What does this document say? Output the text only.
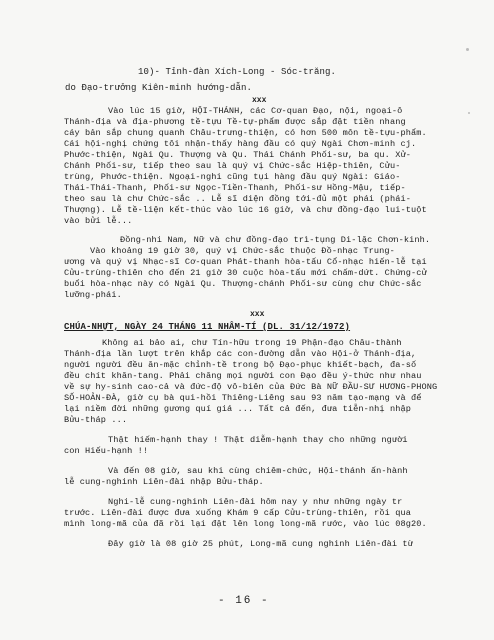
10)- Tỉnh-đàn Xích-Long - Sóc-trăng.
do Đạo-trưởng Kiên-minh hướng-dẫn.
xxx
Vào lúc 15 giờ, HỘI-THÁNH, các Cơ-quan Đạo, nội, ngoại-ô
Thánh-địa và địa-phương tề-tựu Tề-tự-phẩm được sắp đặt tiền nhang
cáy bản sắp chung quanh Châu-trưng-thiện, có hơn 500 môn tề-tựu-phẩm.
Cái hội-nghị chứng tôi nhận-thấy hàng đầu có quý Ngài Chơn-minh cj.
Phước-thiện, Ngài Qu. Thượng và Qu. Thái Chánh Phối-sư, ba qu. Xử-
Chánh Phối-sư, tiếp theo sau là quý vị Chức-sắc Hiệp-thiên, Cửu-
trùng, Phước-thiện. Ngoại-nghi cũng tụi hàng đầu quý Ngài: Giáo-
Thái-Thái-Thanh, Phối-sư Ngọc-Tiền-Thanh, Phối-sư Hồng-Mậu, tiếp-
theo sau là chư Chức-sắc .. Lễ sĩ diện đồng tới-đủ một phái (phái-
Thượng). Lễ tề-liện kết-thúc vào lúc 16 giờ, và chư đồng-đạo lui-tuột
vào bửi lễ...
Đồng-nhi Nam, Nữ và chư đồng-đạo trì-tụng Di-lặc Chơn-kinh.
Vào khoảng 19 giờ 30, quý vị Chức-sắc thuộc Đồ-nhạc Trung-
ương và quý vị Nhạc-sĩ Cơ-quan Phát-thanh hòa-tấu Cổ-nhạc hiến-lễ tại
Cửu-trùng-thiên cho đến 21 giờ 30 cuộc hòa-tấu mới chấm-dứt. Chứng-cử
buổi hòa-nhạc này có Ngài Qu. Thượng-chánh Phối-sư cùng chư Chức-sắc
lưỡng-phái.
xxx
CHÚA-NHỰT, NGÀY 24 THÁNG 11 NHÂM-TÍ (DL. 31/12/1972)
Không ai bảo ai, chư Tín-hữu trong 19 Phận-đạo Châu-thành
Thánh-địa lần lượt trên khắp các con-đường dẫn vào Hội-ở Thánh-địa,
người người đều ăn-mặc chỉnh-tề trong bộ Đạo-phục khiết-bạch, đa-số
đều chít khăn-tang. Phải chăng mọi người con Đạo đều ý-thức như nhau
về sự hy-sinh cao-cả và đức-độ vô-biên của Đức Bà NỮ ĐẦU-SƯ HƯƠNG-PHONG
SỐ-HOẢN-ĐÀ, giờ cụ bà qui-hồi Thiêng-Liêng sau 93 năm tạo-mạng và để
lại niềm đời những gương quí giá ... Tất cả đến, đưa tiễn-nhị nhập
Bửu-tháp ...
Thật hiếm-hạnh thay ! Thật diễm-hạnh thay cho những người
con Hiếu-hạnh !!
Và đến 08 giờ, sau khi cùng chiêm-chức, Hội-thánh ấn-hành
lễ cung-nghinh Liên-đài nhập Bửu-tháp.
Nghi-lễ cung-nghinh Liên-đài hôm nay y như những ngày tr
trước. Liên-đài được đưa xuống Khám 9 cấp Cửu-trùng-thiên, rồi qua
mình long-mã của đã rồi lại đặt lên long long-mã rước, vào lúc 08g20.
Đây giờ là 08 giờ 25 phút, Long-mã cung nghinh Liên-đài từ
- 16 -
